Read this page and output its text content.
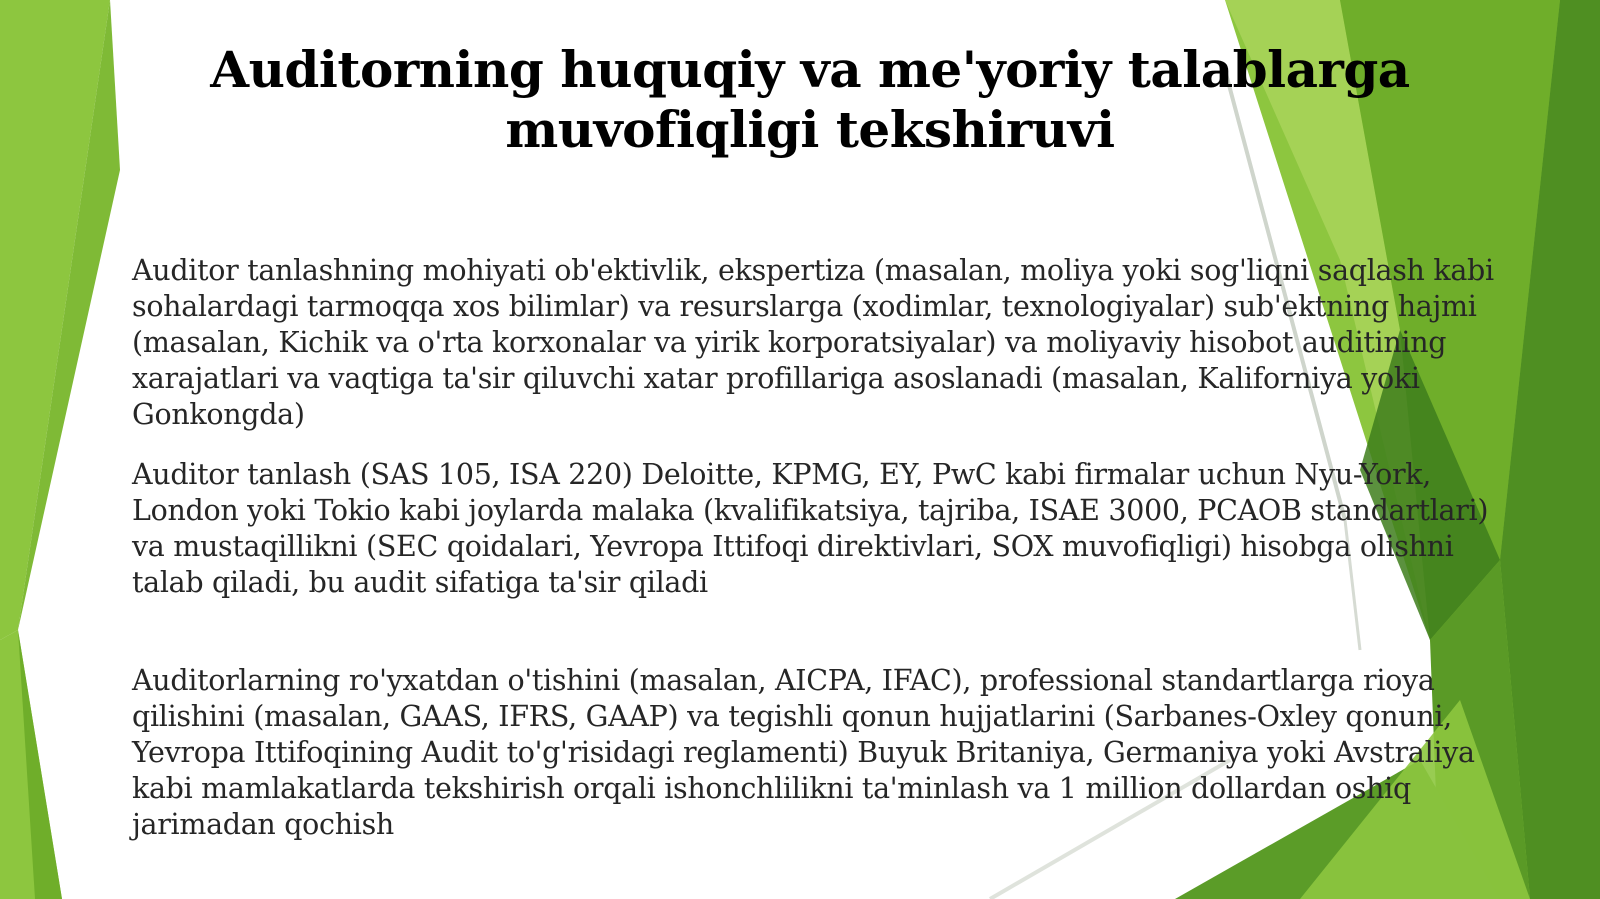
Auditorning huquqiy va me'yoriy talablarga muvofiqligi tekshiruvi

Auditor tanlashning mohiyati ob'ektivlik, ekspertiza (masalan, moliya yoki sog'liqni saqlash kabi sohalardagi tarmoqqa xos bilimlar) va resurslarga (xodimlar, texnologiyalar) sub'ektning hajmi (masalan, Kichik va o'rta korxonalar va yirik korporatsiyalar) va moliyaviy hisobot auditining xarajatlari va vaqtiga ta'sir qiluvchi xatar profillariga asoslanadi (masalan, Kaliforniya yoki Gonkongda)

Auditor tanlash (SAS 105, ISA 220) Deloitte, KPMG, EY, PwC kabi firmalar uchun Nyu-York, London yoki Tokio kabi joylarda malaka (kvalifikatsiya, tajriba, ISAE 3000, PCAOB standartlari) va mustaqillikni (SEC qoidalari, Yevropa Ittifoqi direktivlari, SOX muvofiqligi) hisobga olishni talab qiladi, bu audit sifatiga ta'sir qiladi

Auditorlarning ro'yxatdan o'tishini (masalan, AICPA, IFAC), professional standartlarga rioya qilishini (masalan, GAAS, IFRS, GAAP) va tegishli qonun hujjatlarini (Sarbanes-Oxley qonuni, Yevropa Ittifoqining Audit to'g'risidagi reglamenti) Buyuk Britaniya, Germaniya yoki Avstraliya kabi mamlakatlarda tekshirish orqali ishonchlilikni ta'minlash va 1 million dollardan oshiq jarimadan qochish
